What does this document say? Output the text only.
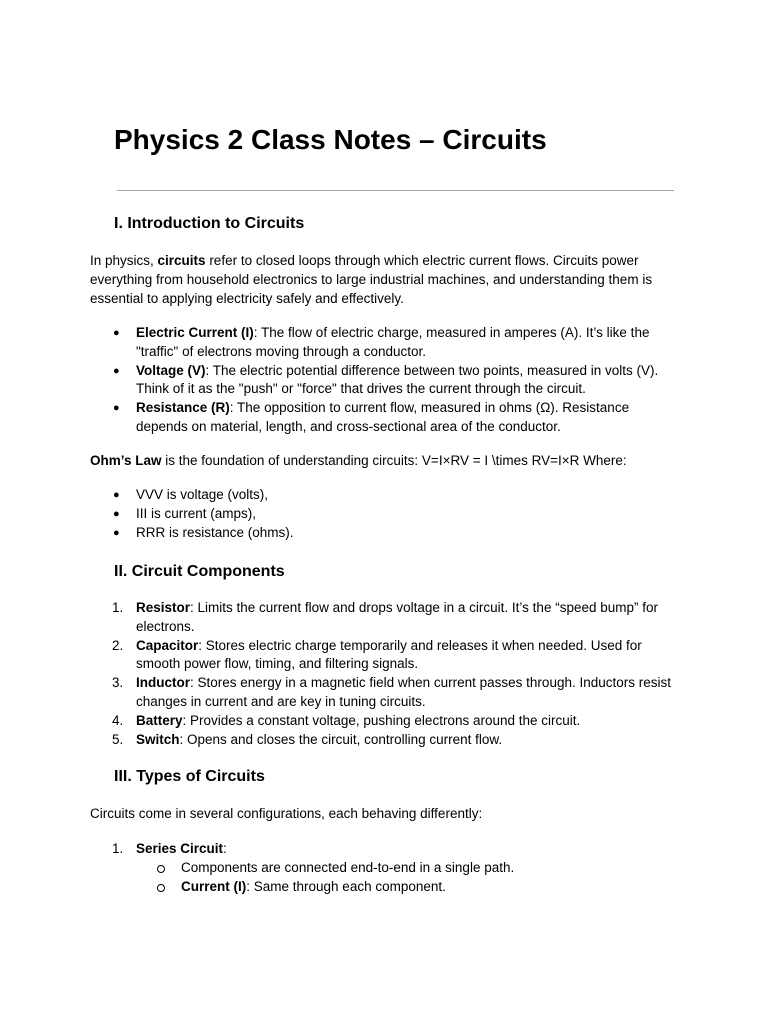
Physics 2 Class Notes – Circuits
I. Introduction to Circuits

In physics, circuits refer to closed loops through which electric current flows. Circuits power everything from household electronics to large industrial machines, and understanding them is essential to applying electricity safely and effectively.

●	Electric Current (I): The flow of electric charge, measured in amperes (A). It’s like the "traffic" of electrons moving through a conductor.
●	Voltage (V): The electric potential difference between two points, measured in volts (V). Think of it as the "push" or "force" that drives the current through the circuit.
●	Resistance (R): The opposition to current flow, measured in ohms (Ω). Resistance depends on material, length, and cross-sectional area of the conductor.

Ohm’s Law is the foundation of understanding circuits: V=I×RV = I \times RV=I×R Where:

●	VVV is voltage (volts),
●	III is current (amps),
●	RRR is resistance (ohms).
II. Circuit Components
1. Resistor: Limits the current flow and drops voltage in a circuit. It’s the “speed bump” for electrons.
2. Capacitor: Stores electric charge temporarily and releases it when needed. Used for smooth power flow, timing, and filtering signals.
3. Inductor: Stores energy in a magnetic field when current passes through. Inductors resist changes in current and are key in tuning circuits.
4. Battery: Provides a constant voltage, pushing electrons around the circuit.
5. Switch: Opens and closes the circuit, controlling current flow.
III. Types of Circuits

Circuits come in several configurations, each behaving differently:

1. Series Circuit:
Components are connected end-to-end in a single path.
Current (I): Same through each component.
